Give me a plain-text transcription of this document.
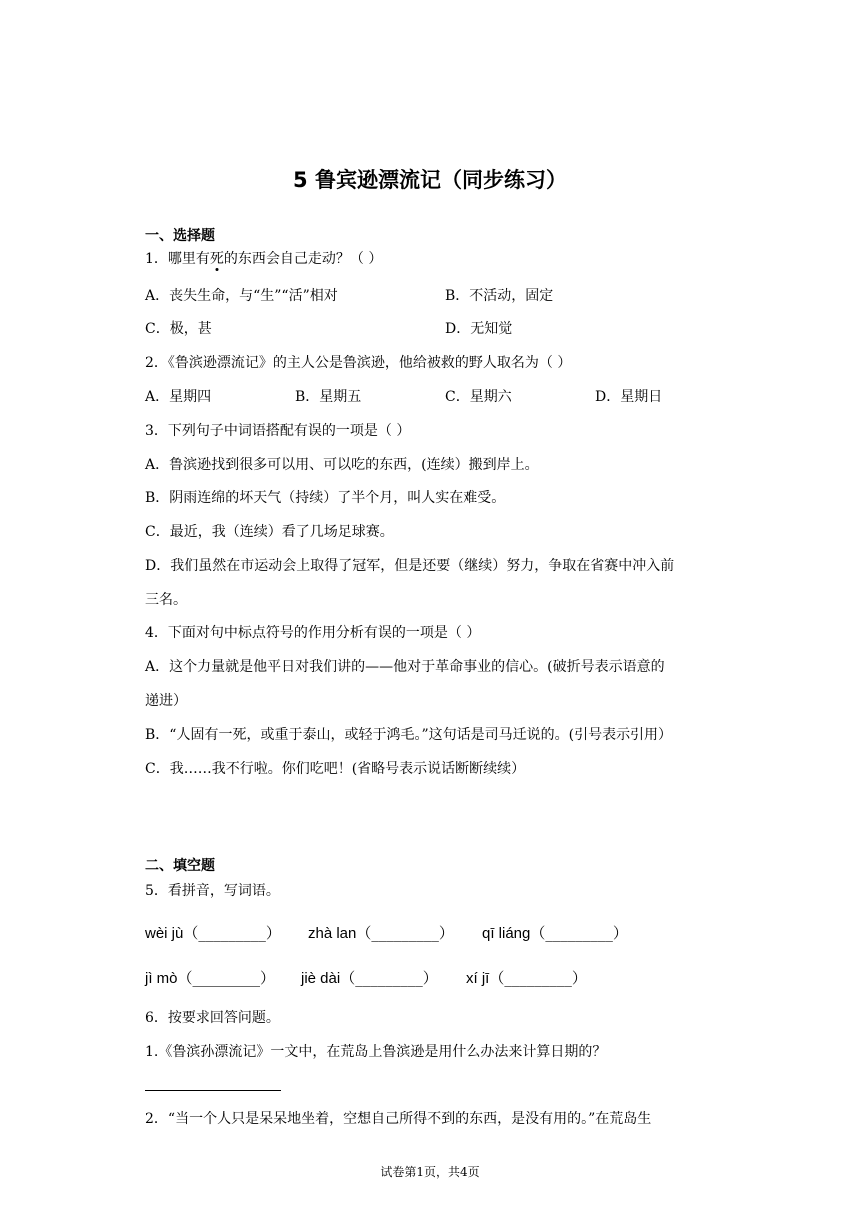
5 鲁宾逊漂流记（同步练习）
一、选择题
1．哪里有死的东西会自己走动？（ ）
A．丧失生命，与“生”“活”相对	B．不活动，固定
C．极，甚	D．无知觉
2．《鲁滨逊漂流记》的主人公是鲁滨逊，他给被救的野人取名为（ ）
A．星期四	B．星期五	C．星期六	D．星期日
3．下列句子中词语搭配有误的一项是（ ）
A．鲁滨逊找到很多可以用、可以吃的东西，(连续）搬到岸上。
B．阴雨连绵的坏天气（持续）了半个月，叫人实在难受。
C．最近，我（连续）看了几场足球赛。
D．我们虽然在市运动会上取得了冠军，但是还要（继续）努力，争取在省赛中冲入前
三名。
4．下面对句中标点符号的作用分析有误的一项是（ ）
A．这个力量就是他平日对我们讲的——他对于革命事业的信心。(破折号表示语意的
递进）
B．“人固有一死，或重于泰山，或轻于鸿毛。”这句话是司马迁说的。(引号表示引用）
C．我……我不行啦。你们吃吧！(省略号表示说话断断续续）
二、填空题
5．看拼音，写词语。
wèi jù（_________） zhà lan（_________） qī liáng（_________）
jì mò（_________） jiè dài（_________） xí jī（_________）
6．按要求回答问题。
1.《鲁滨孙漂流记》一文中，在荒岛上鲁滨逊是用什么办法来计算日期的？
2．“当一个人只是呆呆地坐着，空想自己所得不到的东西，是没有用的。”在荒岛生
试卷第1页，共4页
